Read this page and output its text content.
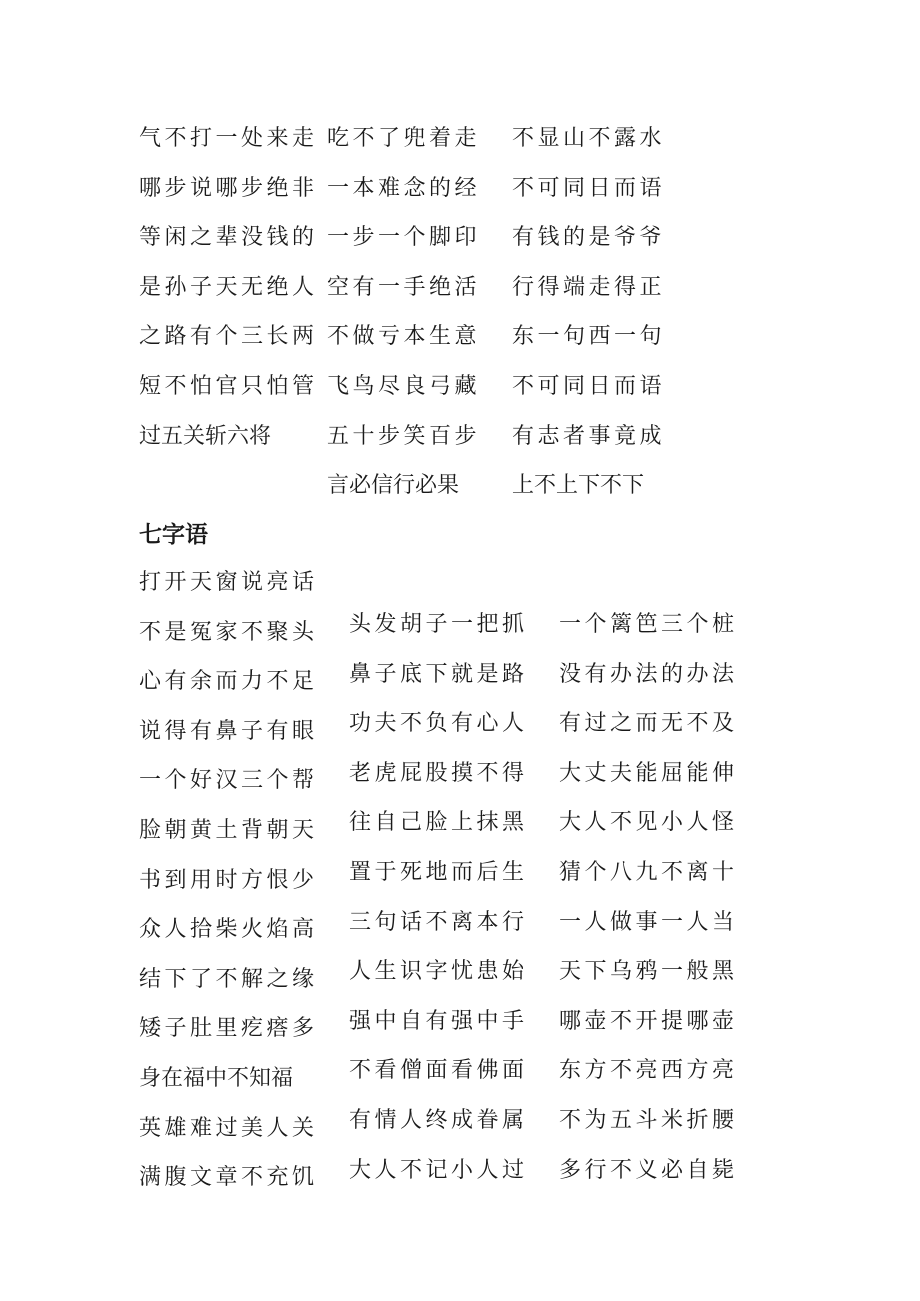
气不打一处来走
哪步说哪步绝非
等闲之辈没钱的
是孙子天无绝人
之路有个三长两
短不怕官只怕管
过五关斩六将
吃不了兜着走
一本难念的经
一步一个脚印
空有一手绝活
不做亏本生意
飞鸟尽良弓藏
五十步笑百步
言必信行必果
不显山不露水
不可同日而语
有钱的是爷爷
行得端走得正
东一句西一句
不可同日而语
有志者事竟成
上不上下不下
七字语
打开天窗说亮话
不是冤家不聚头
心有余而力不足
说得有鼻子有眼
一个好汉三个帮
脸朝黄土背朝天
书到用时方恨少
众人拾柴火焰高
结下了不解之缘
矮子肚里疙瘩多
身在福中不知福
英雄难过美人关
满腹文章不充饥
头发胡子一把抓
鼻子底下就是路
功夫不负有心人
老虎屁股摸不得
往自己脸上抹黑
置于死地而后生
三句话不离本行
人生识字忧患始
强中自有强中手
不看僧面看佛面
有情人终成眷属
大人不记小人过
一个篱笆三个桩
没有办法的办法
有过之而无不及
大丈夫能屈能伸
大人不见小人怪
猜个八九不离十
一人做事一人当
天下乌鸦一般黑
哪壶不开提哪壶
东方不亮西方亮
不为五斗米折腰
多行不义必自毙
